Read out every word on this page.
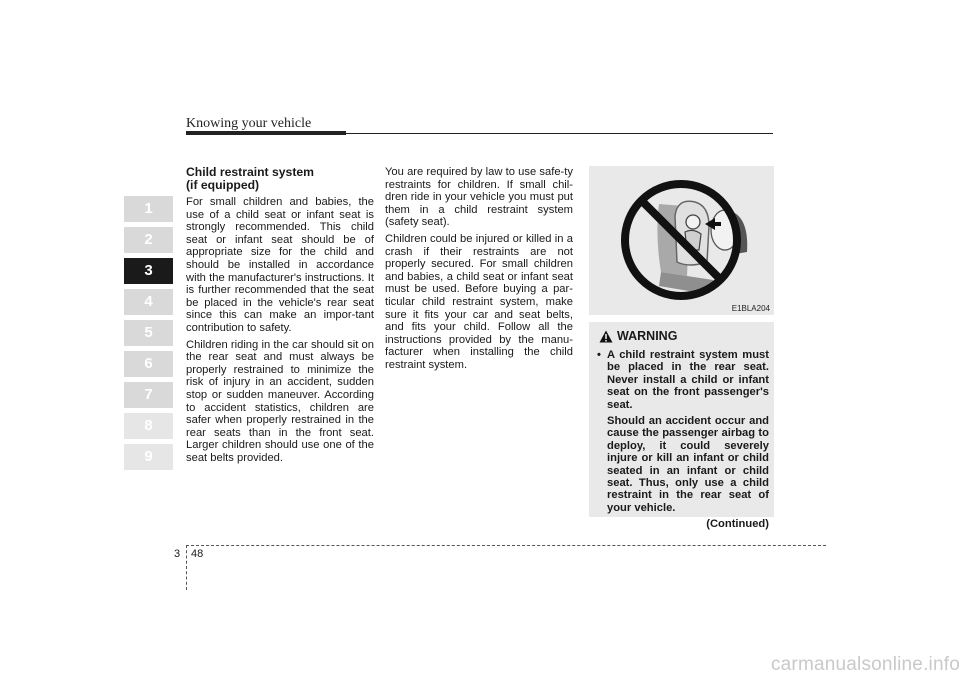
Knowing your vehicle
1
2
3
4
5
6
7
8
9
Child restraint system
(if equipped)

For small children and babies, the use of a child seat or infant seat is strongly recommended. This child seat or infant seat should be of appropriate size for the child and should be installed in accordance with the manufacturer's instructions. It is further recommended that the seat be placed in the vehicle's rear seat since this can make an impor-tant contribution to safety.

Children riding in the car should sit on the rear seat and must always be properly restrained to minimize the risk of injury in an accident, sudden stop or sudden maneuver. According to accident statistics, children are safer when properly restrained in the rear seats than in the front seat. Larger children should use one of the seat belts provided.

You are required by law to use safe-ty restraints for children. If small chil-dren ride in your vehicle you must put them in a child restraint system (safety seat).

Children could be injured or killed in a crash if their restraints are not properly secured. For small children and babies, a child seat or infant seat must be used. Before buying a par-ticular child restraint system, make sure it fits your car and seat belts, and fits your child. Follow all the instructions provided by the manu-facturer when installing the child restraint system.

E1BLA204
WARNING
• A child restraint system must be placed in the rear seat. Never install a child or infant seat on the front passenger's seat.

Should an accident occur and cause the passenger airbag to deploy, it could severely injure or kill an infant or child seated in an infant or child seat. Thus, only use a child restraint in the rear seat of your vehicle.

(Continued)
3 48
carmanualsonline.info
